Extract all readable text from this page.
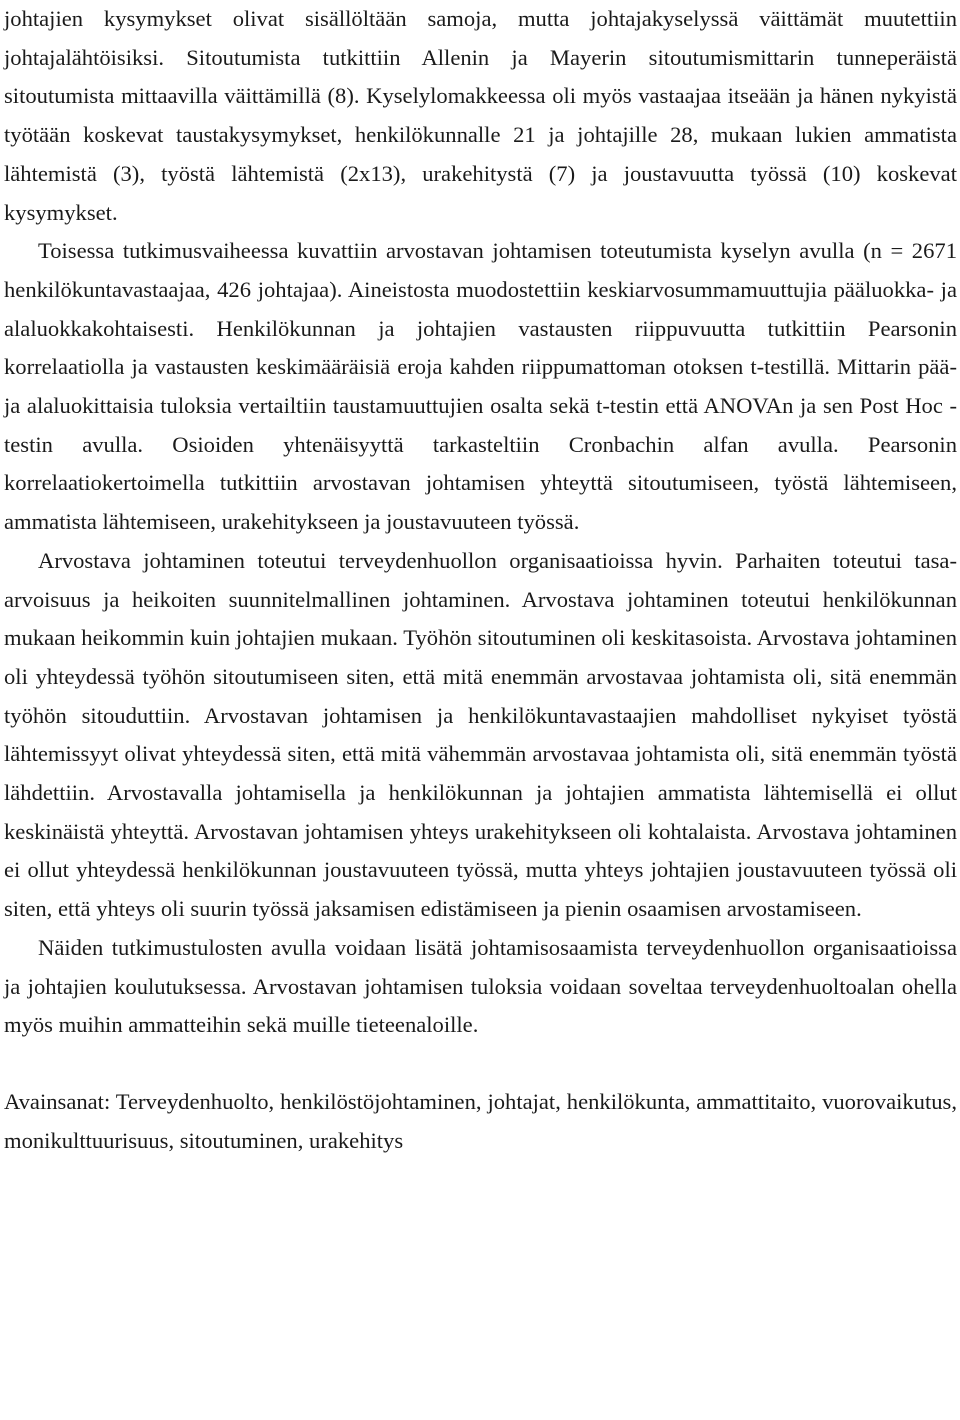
johtajien kysymykset olivat sisällöltään samoja, mutta johtajakyselyssä väittämät muutettiin johtajalähtöisiksi. Sitoutumista tutkittiin Allenin ja Mayerin sitoutumismittarin tunneperäistä sitoutumista mittaavilla väittämillä (8). Kyselylomakkeessa oli myös vastaajaa itseään ja hänen nykyistä työtään koskevat taustakysymykset, henkilökunnalle 21 ja johtajille 28, mukaan lukien ammatista lähtemistä (3), työstä lähtemistä (2x13), urakehitystä (7) ja joustavuutta työssä (10) koskevat kysymykset.

Toisessa tutkimusvaiheessa kuvattiin arvostavan johtamisen toteutumista kyselyn avulla (n = 2671 henkilökuntavastaajaa, 426 johtajaa). Aineistosta muodostettiin keskiarvosummamuuttujia pääluokka- ja alaluokkakohtaisesti. Henkilökunnan ja johtajien vastausten riippuvuutta tutkittiin Pearsonin korrelaatiolla ja vastausten keskimääräisiä eroja kahden riippumattoman otoksen t-testillä. Mittarin pää- ja alaluokittaisia tuloksia vertailtiin taustamuuttujien osalta sekä t-testin että ANOVAn ja sen Post Hoc -testin avulla. Osioiden yhtenäisyyttä tarkasteltiin Cronbachin alfan avulla. Pearsonin korrelaatiokertoimella tutkittiin arvostavan johtamisen yhteyttä sitoutumiseen, työstä lähtemiseen, ammatista lähtemiseen, urakehitykseen ja joustavuuteen työssä.

Arvostava johtaminen toteutui terveydenhuollon organisaatioissa hyvin. Parhaiten toteutui tasa-arvoisuus ja heikoiten suunnitelmallinen johtaminen. Arvostava johtaminen toteutui henkilökunnan mukaan heikommin kuin johtajien mukaan. Työhön sitoutuminen oli keskitasoista. Arvostava johtaminen oli yhteydessä työhön sitoutumiseen siten, että mitä enemmän arvostavaa johtamista oli, sitä enemmän työhön sitouduttiin. Arvostavan johtamisen ja henkilökuntavastaajien mahdolliset nykyiset työstä lähtemissyyt olivat yhteydessä siten, että mitä vähemmän arvostavaa johtamista oli, sitä enemmän työstä lähdettiin. Arvostavalla johtamisella ja henkilökunnan ja johtajien ammatista lähtemisellä ei ollut keskinäistä yhteyttä. Arvostavan johtamisen yhteys urakehitykseen oli kohtalaista. Arvostava johtaminen ei ollut yhteydessä henkilökunnan joustavuuteen työssä, mutta yhteys johtajien joustavuuteen työssä oli siten, että yhteys oli suurin työssä jaksamisen edistämiseen ja pienin osaamisen arvostamiseen.

Näiden tutkimustulosten avulla voidaan lisätä johtamisosaamista terveydenhuollon organisaatioissa ja johtajien koulutuksessa. Arvostavan johtamisen tuloksia voidaan soveltaa terveydenhuoltoalan ohella myös muihin ammatteihin sekä muille tieteenaloille.

Avainsanat: Terveydenhuolto, henkilöstöjohtaminen, johtajat, henkilökunta, ammattitaito, vuorovaikutus, monikulttuurisuus, sitoutuminen, urakehitys
